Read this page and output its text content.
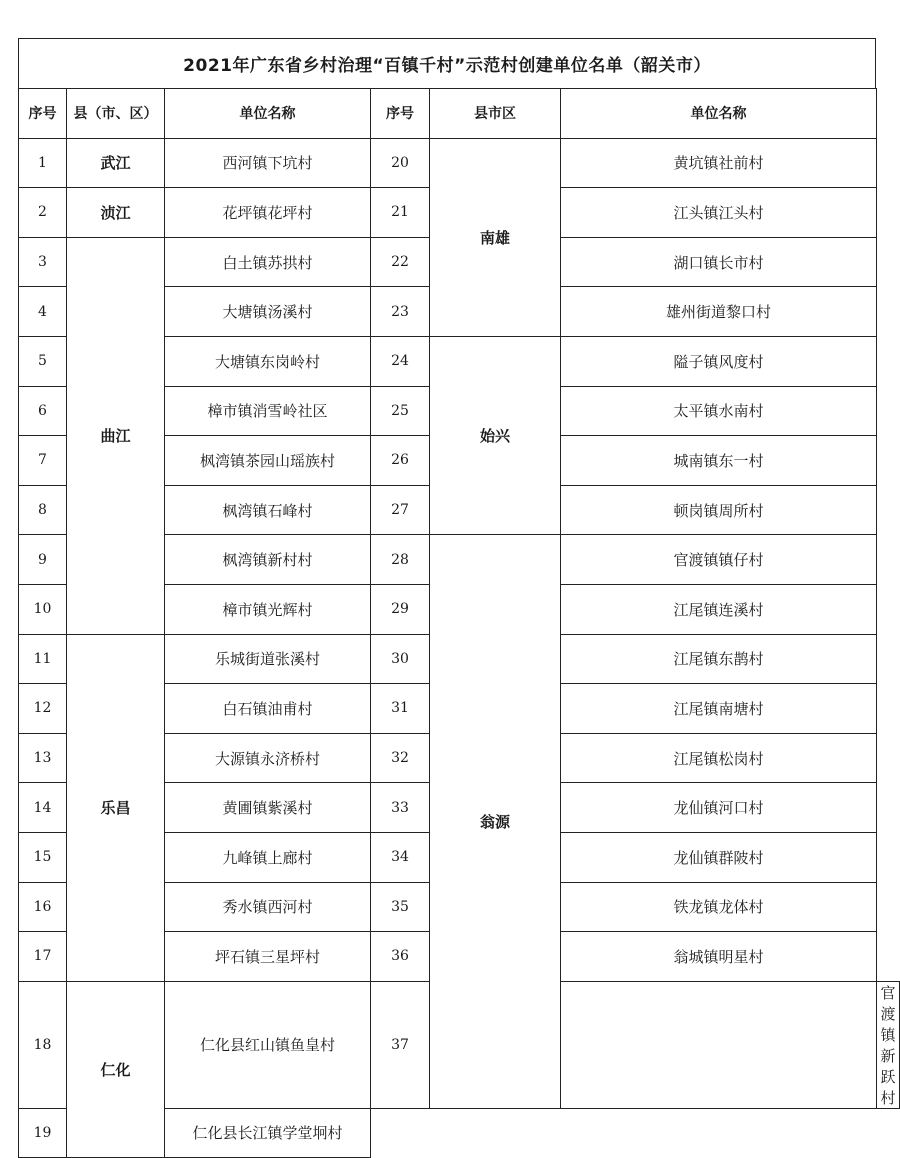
2021年广东省乡村治理“百镇千村”示范村创建单位名单（韶关市）
序号	县（市、区）	单位名称	序号	县市区	单位名称	
1	武江	西河镇下坑村	20	南雄	黄坑镇社前村	
2	浈江	花坪镇花坪村	21		江头镇江头村	
3	曲江	白土镇苏拱村	22		湖口镇长市村	
4		大塘镇汤溪村	23		雄州街道黎口村	
5		大塘镇东岗岭村	24	始兴	隘子镇风度村	
6		樟市镇消雪岭社区	25		太平镇水南村	
7		枫湾镇茶园山瑶族村	26		城南镇东一村	
8		枫湾镇石峰村	27		顿岗镇周所村	
9		枫湾镇新村村	28	翁源	官渡镇镇仔村	
10		樟市镇光辉村	29		江尾镇连溪村	
11	乐昌	乐城街道张溪村	30		江尾镇东鹊村	
12		白石镇油甫村	31		江尾镇南塘村	
13		大源镇永济桥村	32		江尾镇松岗村	
14		黄圃镇紫溪村	33		龙仙镇河口村	
15		九峰镇上廊村	34		龙仙镇群陂村	
16		秀水镇西河村	35		铁龙镇龙体村	
17		坪石镇三星坪村	36		翁城镇明星村	
18	仁化	仁化县红山镇鱼皇村	37			官渡镇新跃村
19		仁化县长江镇学堂坰村				
